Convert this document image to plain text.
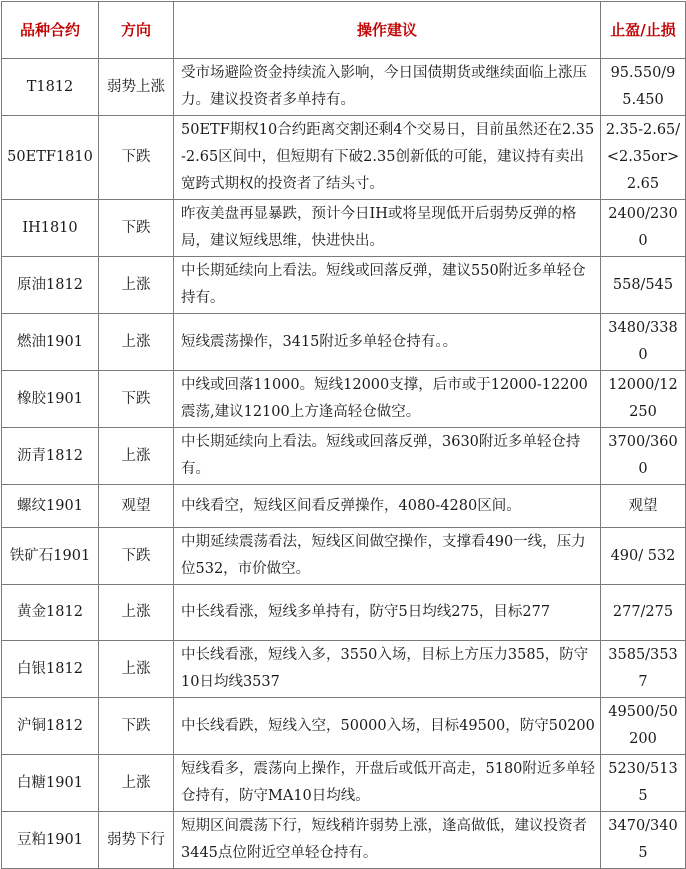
品种合约	方向	操作建议	止盈/止损
T1812	弱势上涨	受市场避险资金持续流入影响，今日国债期货或继续面临上涨压力。建议投资者多单持有。	95.550/95.450
50ETF1810	下跌	50ETF期权10合约距离交割还剩4个交易日，目前虽然还在2.35-2.65区间中，但短期有下破2.35创新低的可能，建议持有卖出宽跨式期权的投资者了结头寸。	2.35-2.65/<2.35or>2.65
IH1810	下跌	昨夜美盘再显暴跌，预计今日IH或将呈现低开后弱势反弹的格局，建议短线思维，快进快出。	2400/2300
原油1812	上涨	中长期延续向上看法。短线或回落反弹，建议550附近多单轻仓持有。	558/545
燃油1901	上涨	短线震荡操作，3415附近多单轻仓持有。。	3480/3380
橡胶1901	下跌	中线或回落11000。短线12000支撑，后市或于12000-12200震荡,建议12100上方逢高轻仓做空。	12000/12250
沥青1812	上涨	中长期延续向上看法。短线或回落反弹，3630附近多单轻仓持有。	3700/3600
螺纹1901	观望	中线看空，短线区间看反弹操作，4080-4280区间。	观望
铁矿石1901	下跌	中期延续震荡看法，短线区间做空操作，支撑看490一线，压力位532，市价做空。	490/ 532
黄金1812	上涨	中长线看涨，短线多单持有，防守5日均线275，目标277	277/275
白银1812	上涨	中长线看涨，短线入多，3550入场，目标上方压力3585，防守10日均线3537	3585/3537
沪铜1812	下跌	中长线看跌，短线入空，50000入场，目标49500，防守50200	49500/50200
白糖1901	上涨	短线看多，震荡向上操作，开盘后或低开高走，5180附近多单轻仓持有，防守MA10日均线。	5230/5135
豆粕1901	弱势下行	短期区间震荡下行，短线稍许弱势上涨，逢高做低，建议投资者3445点位附近空单轻仓持有。	3470/3405
